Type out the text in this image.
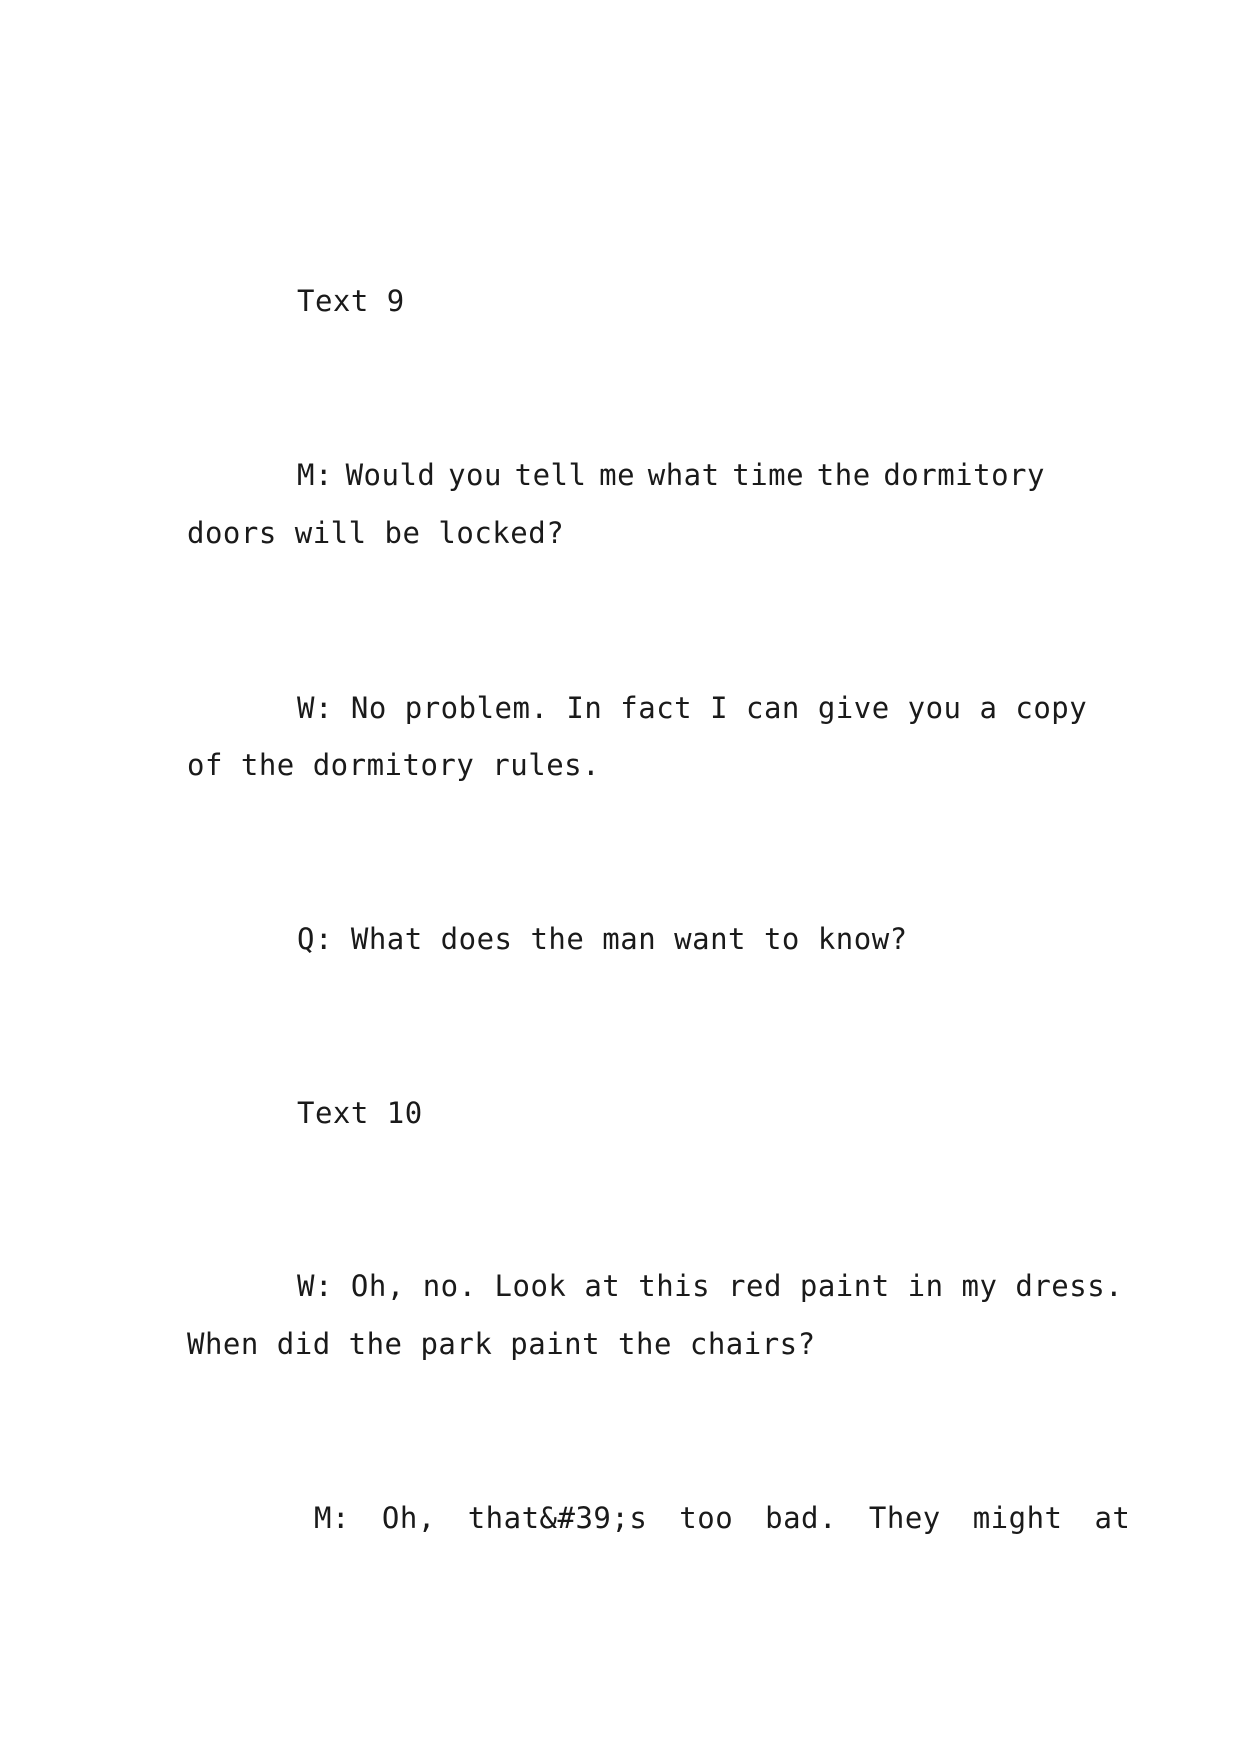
Text 9
M: Would you tell me what time the dormitory
doors will be locked?
W: No problem. In fact I can give you a copy
of the dormitory rules.
Q: What does the man want to know?
Text 10
W: Oh, no. Look at this red paint in my dress.
When did the park paint the chairs?
M: Oh, that&#39;s too bad. They might at
